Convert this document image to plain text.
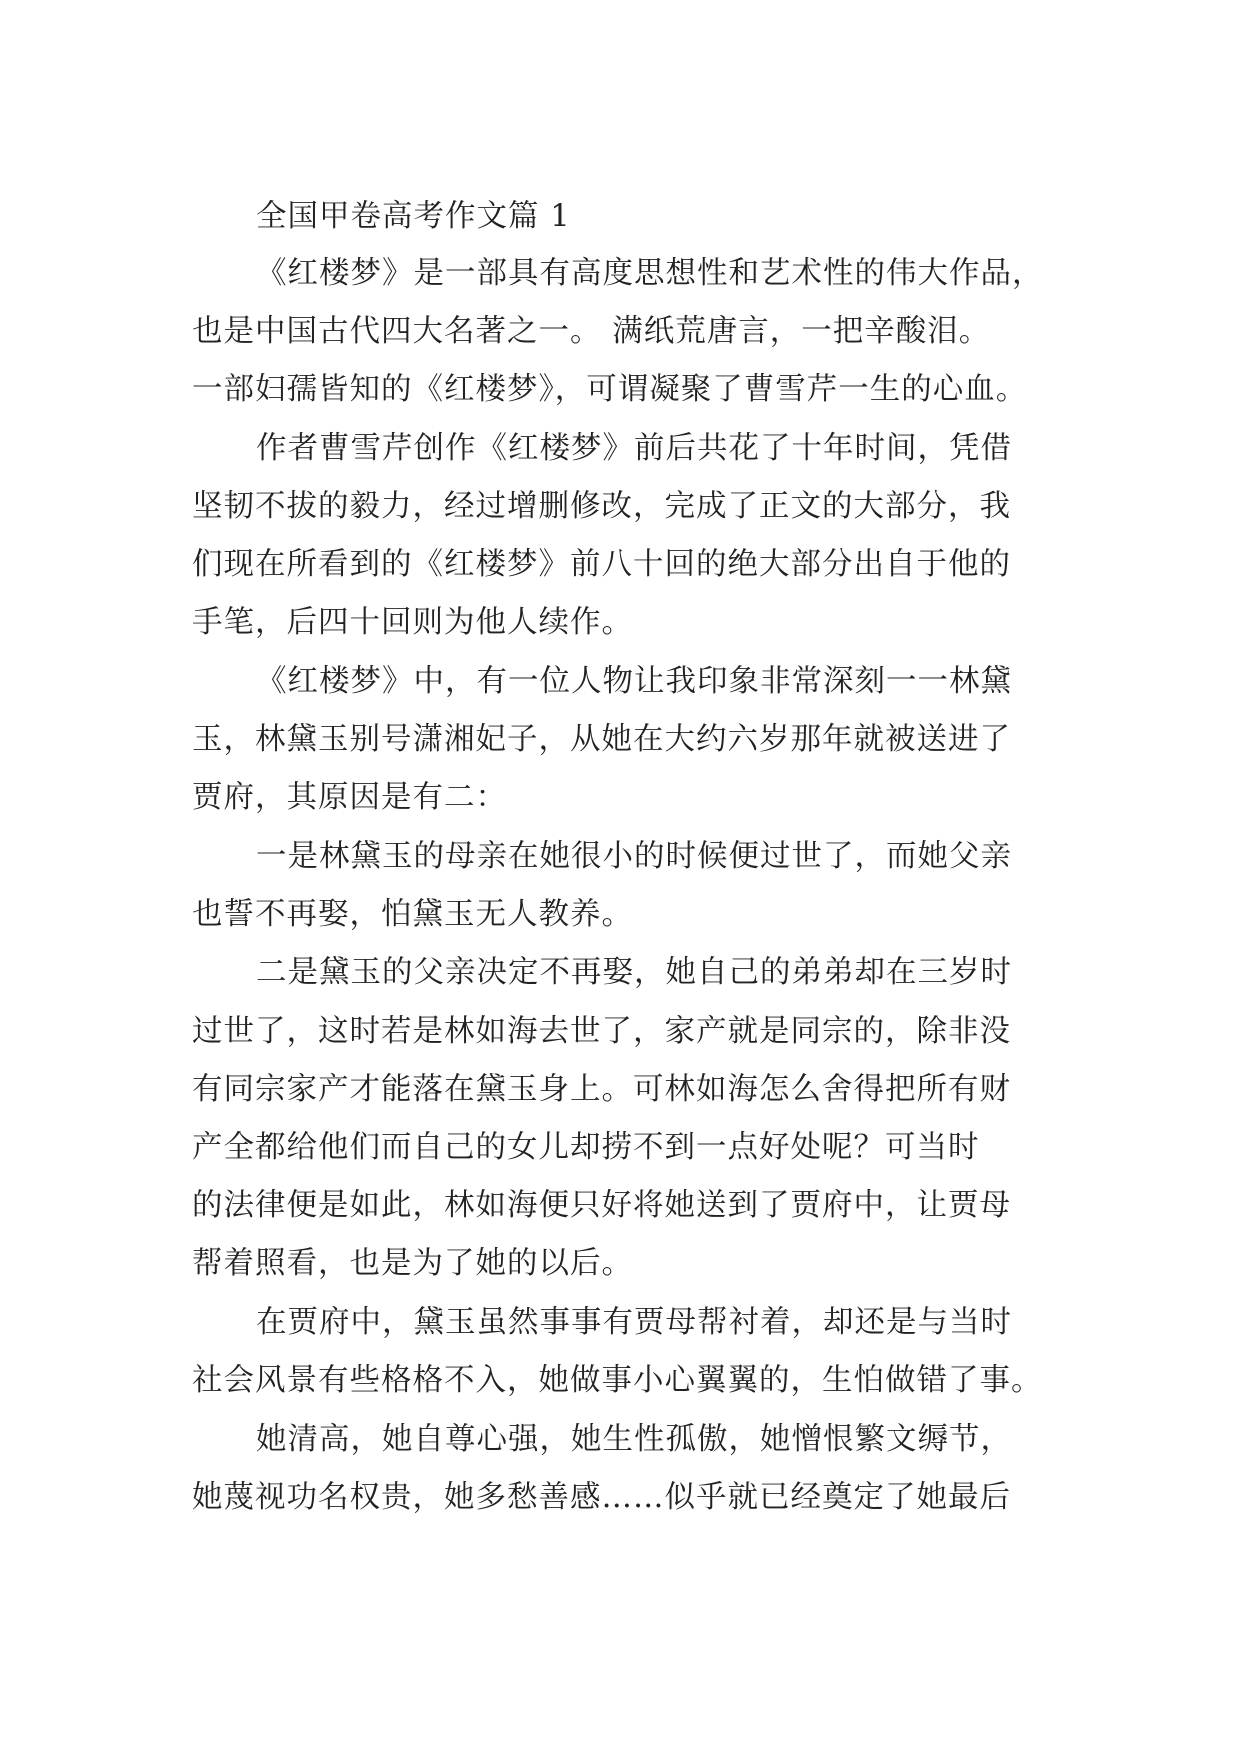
全国甲卷高考作文篇 1
《红楼梦》是一部具有高度思想性和艺术性的伟大作品，
也是中国古代四大名著之一。 满纸荒唐言，一把辛酸泪。
一部妇孺皆知的《红楼梦》，可谓凝聚了曹雪芹一生的心血。
作者曹雪芹创作《红楼梦》前后共花了十年时间，凭借
坚韧不拔的毅力，经过增删修改，完成了正文的大部分，我
们现在所看到的《红楼梦》前八十回的绝大部分出自于他的
手笔，后四十回则为他人续作。
《红楼梦》中，有一位人物让我印象非常深刻一一林黛
玉，林黛玉别号潇湘妃子，从她在大约六岁那年就被送进了
贾府，其原因是有二：
一是林黛玉的母亲在她很小的时候便过世了，而她父亲
也誓不再娶，怕黛玉无人教养。
二是黛玉的父亲决定不再娶，她自己的弟弟却在三岁时
过世了，这时若是林如海去世了，家产就是同宗的，除非没
有同宗家产才能落在黛玉身上。可林如海怎么舍得把所有财
产全都给他们而自己的女儿却捞不到一点好处呢？可当时
的法律便是如此，林如海便只好将她送到了贾府中，让贾母
帮着照看，也是为了她的以后。
在贾府中，黛玉虽然事事有贾母帮衬着，却还是与当时
社会风景有些格格不入，她做事小心翼翼的，生怕做错了事。
她清高，她自尊心强，她生性孤傲，她憎恨繁文缛节，
她蔑视功名权贵，她多愁善感……似乎就已经奠定了她最后
